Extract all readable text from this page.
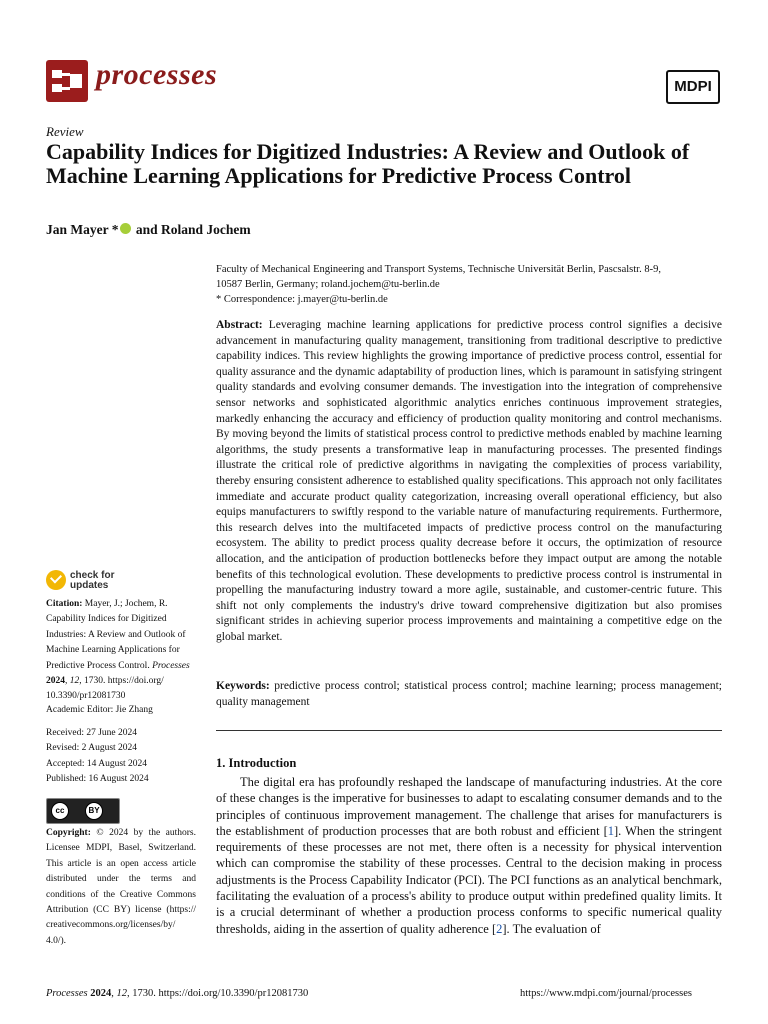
processes	MDPI
Review
Capability Indices for Digitized Industries: A Review and Outlook of Machine Learning Applications for Predictive Process Control
Jan Mayer * and Roland Jochem
Faculty of Mechanical Engineering and Transport Systems, Technische Universität Berlin, Pascsalstr. 8-9,
10587 Berlin, Germany; roland.jochem@tu-berlin.de
* Correspondence: j.mayer@tu-berlin.de
Abstract: Leveraging machine learning applications for predictive process control signifies a decisive advancement in manufacturing quality management, transitioning from traditional descriptive to predictive capability indices. This review highlights the growing importance of predictive process control, essential for quality assurance and the dynamic adaptability of production lines, which is paramount in satisfying stringent quality standards and evolving consumer demands. The investigation into the integration of comprehensive sensor networks and sophisticated algorithmic analytics enriches continuous improvement strategies, markedly enhancing the accuracy and efficiency of production quality monitoring and control mechanisms. By moving beyond the limits of statistical process control to predictive methods enabled by machine learning algorithms, the study presents a transformative leap in manufacturing processes. The presented findings illustrate the critical role of predictive algorithms in navigating the complexities of process variability, thereby ensuring consistent adherence to established quality specifications. This approach not only facilitates immediate and accurate product quality categorization, increasing overall operational efficiency, but also equips manufacturers to swiftly respond to the variable nature of manufacturing requirements. Furthermore, this research delves into the multifaceted impacts of predictive process control on the manufacturing ecosystem. The ability to predict process quality decrease before it occurs, the optimization of resource allocation, and the anticipation of production bottlenecks before they impact output are among the notable benefits of this technological evolution. These developments to predictive process control is instrumental in propelling the manufacturing industry toward a more agile, sustainable, and customer-centric future. This shift not only complements the industry's drive toward comprehensive digitization but also promises significant strides in achieving superior process improvements and maintaining a competitive edge on the global market.
Keywords: predictive process control; statistical process control; machine learning; process management; quality management
1. Introduction
The digital era has profoundly reshaped the landscape of manufacturing industries. At the core of these changes is the imperative for businesses to adapt to escalating consumer demands and to the principles of continuous improvement management. The challenge that arises for manufacturers is the establishment of production processes that are both robust and efficient [1]. When the stringent requirements of these processes are not met, there often is a necessity for physical intervention which can compromise the stability of these processes. Central to the decision making in process adjustments is the Process Capability Indicator (PCI). The PCI functions as an analytical benchmark, facilitating the evaluation of a process's ability to produce output within predefined quality limits. It is a crucial determinant of whether a production process conforms to specific numerical quality thresholds, aiding in the assertion of quality adherence [2]. The evaluation of
check for
updates
Citation: Mayer, J.; Jochem, R. Capability Indices for Digitized Industries: A Review and Outlook of Machine Learning Applications for Predictive Process Control. Processes 2024, 12, 1730. https://doi.org/ 10.3390/pr12081730
Academic Editor: Jie Zhang
Received: 27 June 2024
Revised: 2 August 2024
Accepted: 14 August 2024
Published: 16 August 2024
cc	BY
Copyright: © 2024 by the authors. Licensee MDPI, Basel, Switzerland. This article is an open access article distributed under the terms and conditions of the Creative Commons Attribution (CC BY) license (https:// creativecommons.org/licenses/by/ 4.0/).
Processes 2024, 12, 1730. https://doi.org/10.3390/pr12081730	https://www.mdpi.com/journal/processes
